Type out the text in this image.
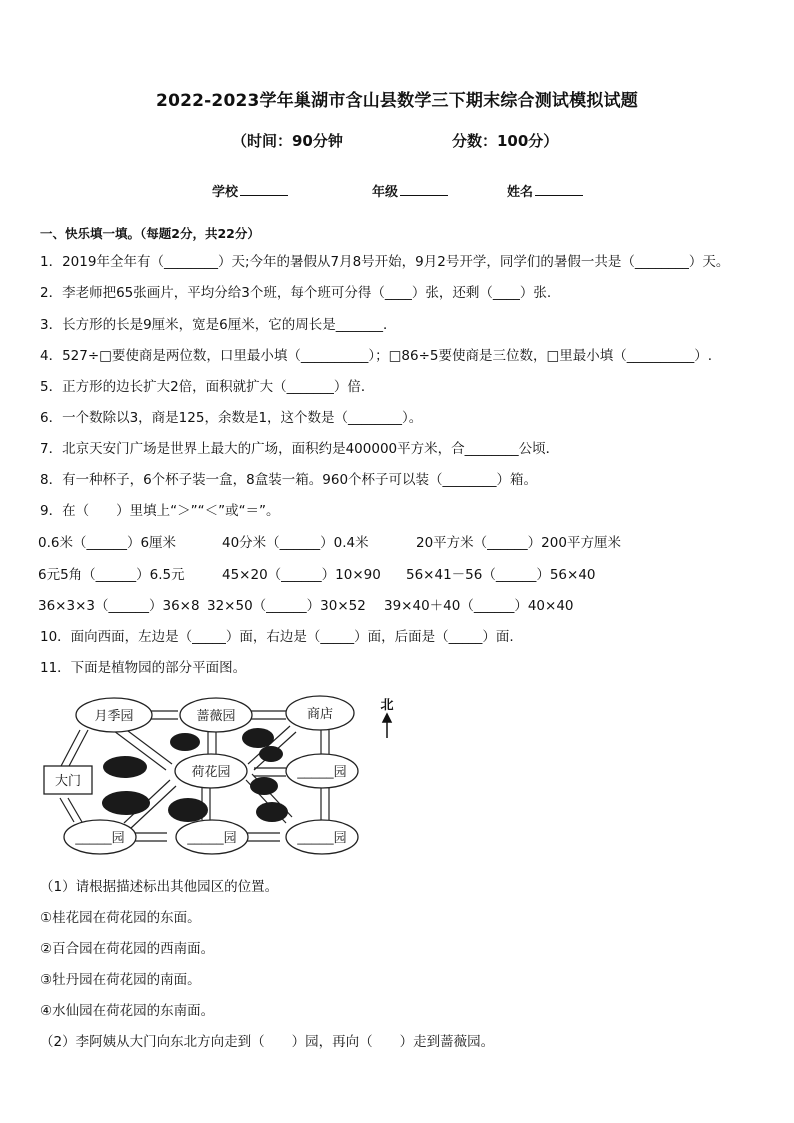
2022-2023学年巢湖市含山县数学三下期末综合测试模拟试题
（时间：90分钟	分数：100分）
学校	年级	姓名
一、快乐填一填。（每题2分，共22分）
1．2019年全年有（________）天;今年的暑假从7月8号开始，9月2号开学，同学们的暑假一共是（________）天。
2．李老师把65张画片，平均分给3个班，每个班可分得（____）张，还剩（____）张.
3．长方形的长是9厘米，宽是6厘米，它的周长是_______．
4．527÷□要使商是两位数，口里最小填（__________）；□86÷5要使商是三位数，□里最小填（__________）.
5．正方形的边长扩大2倍，面积就扩大（_______）倍．
6．一个数除以3，商是125，余数是1，这个数是（________）。
7．北京天安门广场是世界上最大的广场，面积约是400000平方米，合________公顷．
8．有一种杯子，6个杯子装一盒，8盒装一箱。960个杯子可以装（________）箱。
9．在（　　）里填上“＞”“＜”或“＝”。
0.6米（______）6厘米	40分米（______）0.4米	20平方米（______）200平方厘米
6元5角（______）6.5元	45×20（______）10×90 56×41－56（______）56×40
36×3×3（______）36×8 32×50（______）30×52 39×40＋40（______）40×40
10．面向西面，左边是（_____）面，右边是（_____）面，后面是（_____）面.
11．下面是植物园的部分平面图。
月季园	蔷薇园	商店
荷花园	_____园
大门
_____园	_____园	_____园
北
（1）请根据描述标出其他园区的位置。
①桂花园在荷花园的东面。
②百合园在荷花园的西南面。
③牡丹园在荷花园的南面。
④水仙园在荷花园的东南面。
（2）李阿姨从大门向东北方向走到（　　）园，再向（　　）走到蔷薇园。
